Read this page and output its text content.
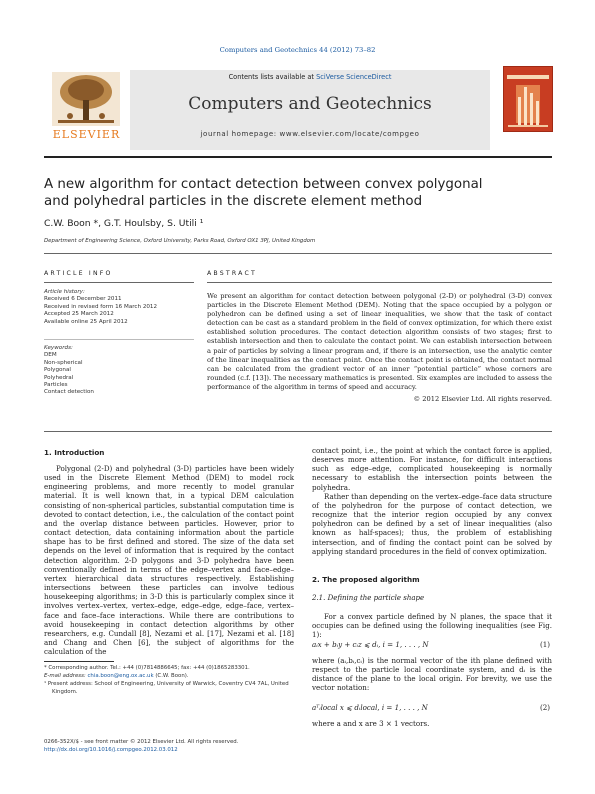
Computers and Geotechnics 44 (2012) 73–82
ELSEVIER
Contents lists available at SciVerse ScienceDirect
Computers and Geotechnics
journal homepage: www.elsevier.com/locate/compgeo
A new algorithm for contact detection between convex polygonal and polyhedral particles in the discrete element method
C.W. Boon *, G.T. Houlsby, S. Utili ¹
Department of Engineering Science, Oxford University, Parks Road, Oxford OX1 3PJ, United Kingdom
ARTICLE INFO	ABSTRACT
Article history:
Received 6 December 2011
Received in revised form 16 March 2012
Accepted 25 March 2012
Available online 25 April 2012
Keywords:
DEM
Non-spherical
Polygonal
Polyhedral
Particles
Contact detection
We present an algorithm for contact detection between polygonal (2-D) or polyhedral (3-D) convex particles in the Discrete Element Method (DEM). Noting that the space occupied by a polygon or polyhedron can be defined using a set of linear inequalities, we show that the task of contact detection can be cast as a standard problem in the field of convex optimization, for which there exist established solution procedures. The contact detection algorithm consists of two stages; first to establish intersection and then to calculate the contact point. We can establish intersection between a pair of particles by solving a linear program and, if there is an intersection, use the analytic center of the linear inequalities as the contact point. Once the contact point is obtained, the contact normal can be calculated from the gradient vector of an inner “potential particle” whose corners are rounded (c.f. [13]). The necessary mathematics is presented. Six examples are included to assess the performance of the algorithm in terms of speed and accuracy.
© 2012 Elsevier Ltd. All rights reserved.
1. Introduction

Polygonal (2-D) and polyhedral (3-D) particles have been widely used in the Discrete Element Method (DEM) to model rock engineering problems, and more recently to model granular material. It is well known that, in a typical DEM calculation consisting of non-spherical particles, substantial computation time is devoted to contact detection, i.e., the calculation of the contact point and the overlap distance between particles. However, prior to contact detection, data containing information about the particle shape has to be first defined and stored. The size of the data set depends on the level of information that is required by the contact detection algorithm. 2-D polygons and 3-D polyhedra have been conventionally defined in terms of the edge–vertex and face–edge–vertex hierarchical data structures respectively. Establishing intersections between these particles can involve tedious housekeeping algorithms; in 3-D this is particularly complex since it involves vertex–vertex, vertex–edge, edge–edge, edge–face, vertex–face and face–face interactions. While there are contributions to avoid housekeeping in contact detection algorithms by other researchers, e.g. Cundall [8], Nezami et al. [17], Nezami et al. [18] and Chang and Chen [6], the subject of algorithms for the calculation of the

contact point, i.e., the point at which the contact force is applied, deserves more attention. For instance, for difficult interactions such as edge–edge, complicated housekeeping is normally necessary to establish the intersection points between the polyhedra.

Rather than depending on the vertex–edge–face data structure of the polyhedron for the purpose of contact detection, we recognize that the interior region occupied by any convex polyhedron can be defined by a set of linear inequalities (also known as half-spaces); thus, the problem of establishing intersection, and of finding the contact point can be solved by applying standard procedures in the field of convex optimization.

2. The proposed algorithm
2.1. Defining the particle shape

For a convex particle defined by N planes, the space that it occupies can be defined using the following inequalities (see Fig. 1):

aᵢx + bᵢy + cᵢz ⩽ dᵢ, i = 1, . . . , N	(1)
where (aᵢ,bᵢ,cᵢ) is the normal vector of the ith plane defined with respect to the particle local coordinate system, and dᵢ is the distance of the plane to the local origin. For brevity, we use the vector notation:
aᵀᵢlocal x ⩽ dᵢlocal, i = 1, . . . , N	(2)
where a and x are 3 × 1 vectors.
* Corresponding author. Tel.: +44 (0)7814886645; fax: +44 (0)1865283301.
E-mail address: chia.boon@eng.ox.ac.uk (C.W. Boon).
¹ Present address: School of Engineering, University of Warwick, Coventry CV4 7AL, United Kingdom.
0266-352X/$ - see front matter © 2012 Elsevier Ltd. All rights reserved.
http://dx.doi.org/10.1016/j.compgeo.2012.03.012
